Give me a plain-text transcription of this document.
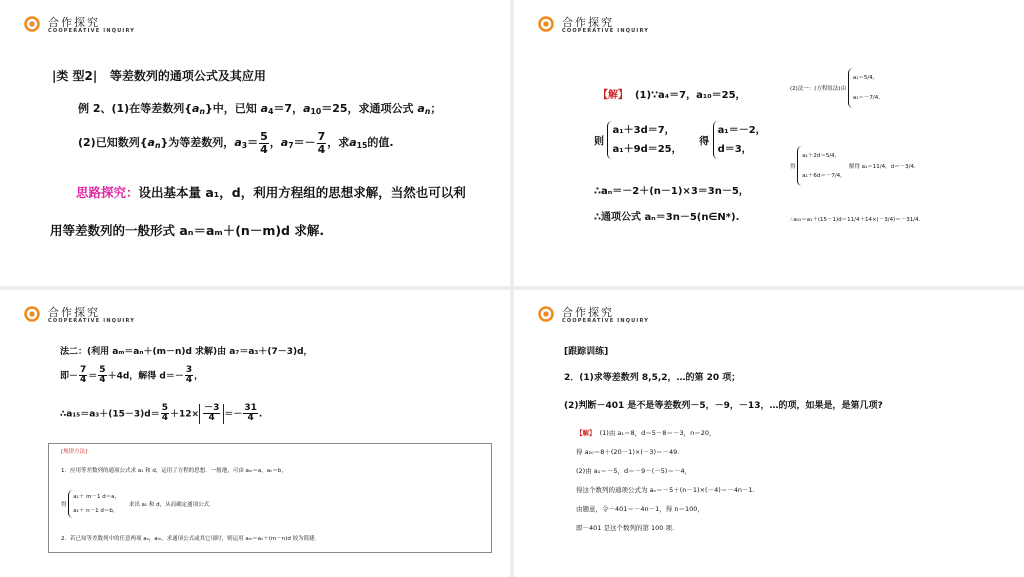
合作探究
COOPERATIVE INQUIRY
|类 型2| 等差数列的通项公式及其应用
例 2、(1)在等差数列$\{a_n\}$中，已知 $a_4=7$，$a_{10}=25$，求通项公式 $a_n$；
(2)已知数列$\{a_n\}$为等差数列，$a_3= \frac{5}{4}$ ，$a_7=- \frac{7}{4}$ ，求$a_{15}$的值.
思路探究：设出基本量 a₁，d，利用方程组的思想求解，当然也可以利
用等差数列的一般形式 aₙ＝aₘ＋(n－m)d 求解.
合作探究
COOPERATIVE INQUIRY
【解】 (1)∵a₄＝7，a₁₀＝25，
则 a₁＋3d＝7，
a₁＋9d＝25，     得 a₁＝－2，
d＝3，
∴aₙ＝－2＋(n－1)×3＝3n－5，
∴通项公式 aₙ＝3n－5(n∈N*).
(2)法一：(方程组法)由 a₁＝5/4,
a₁＝－7/4,
得 a₁＋2d＝5/4,
a₁＋6d＝－7/4,    解得 a₁＝11/4，d＝－3/4.
∴a₁₅＝a₁＋(15－1)d＝11/4＋14×(－3/4)＝－31/4.
合作探究
COOPERATIVE INQUIRY
法二：(利用 aₘ＝aₙ＋(m－n)d 求解)由 a₇＝a₃＋(7－3)d，
即－ $\frac{7}{4} = \frac{5}{4} +4d$，解得 $d=- \frac{3}{4}$ ，
∴a₁₅＝a₃＋(15－3)d＝ $\frac{5}{4} +12\times \frac{-3}{4} =- \frac{31}{4}$ .
[规律方法]
1．应用等差数列的通项公式求 a₁ 和 d，运用了方程的思想．一般地，可由 aₘ＝a，aₙ＝b，
得 a₁＋ m－1 d＝a，
a₁＋ n－1 d＝b，     求出 a₁ 和 d，从而确定通项公式．
2．若已知等差数列中的任意两项 aₙ，aₘ，求通项公式或其它项时，则运用 aₘ＝aₙ＋(m－n)d 较为简捷.
合作探究
COOPERATIVE INQUIRY
[跟踪训练]
2．(1)求等差数列 8,5,2，…的第 20 项；
(2)判断－401 是不是等差数列－5，－9，－13，…的项，如果是，是第几项?
【解】 (1)由 a₁＝8，d＝5－8＝－3，n＝20，
得 a₂₀＝8＋(20－1)×(－3)＝－49.
(2)由 a₁＝－5，d＝－9－(－5)＝－4，
得这个数列的通项公式为 aₙ＝－5＋(n－1)×(－4)＝－4n－1.
由题意，令－401＝－4n－1，得 n＝100，
即－401 是这个数列的第 100 项.
